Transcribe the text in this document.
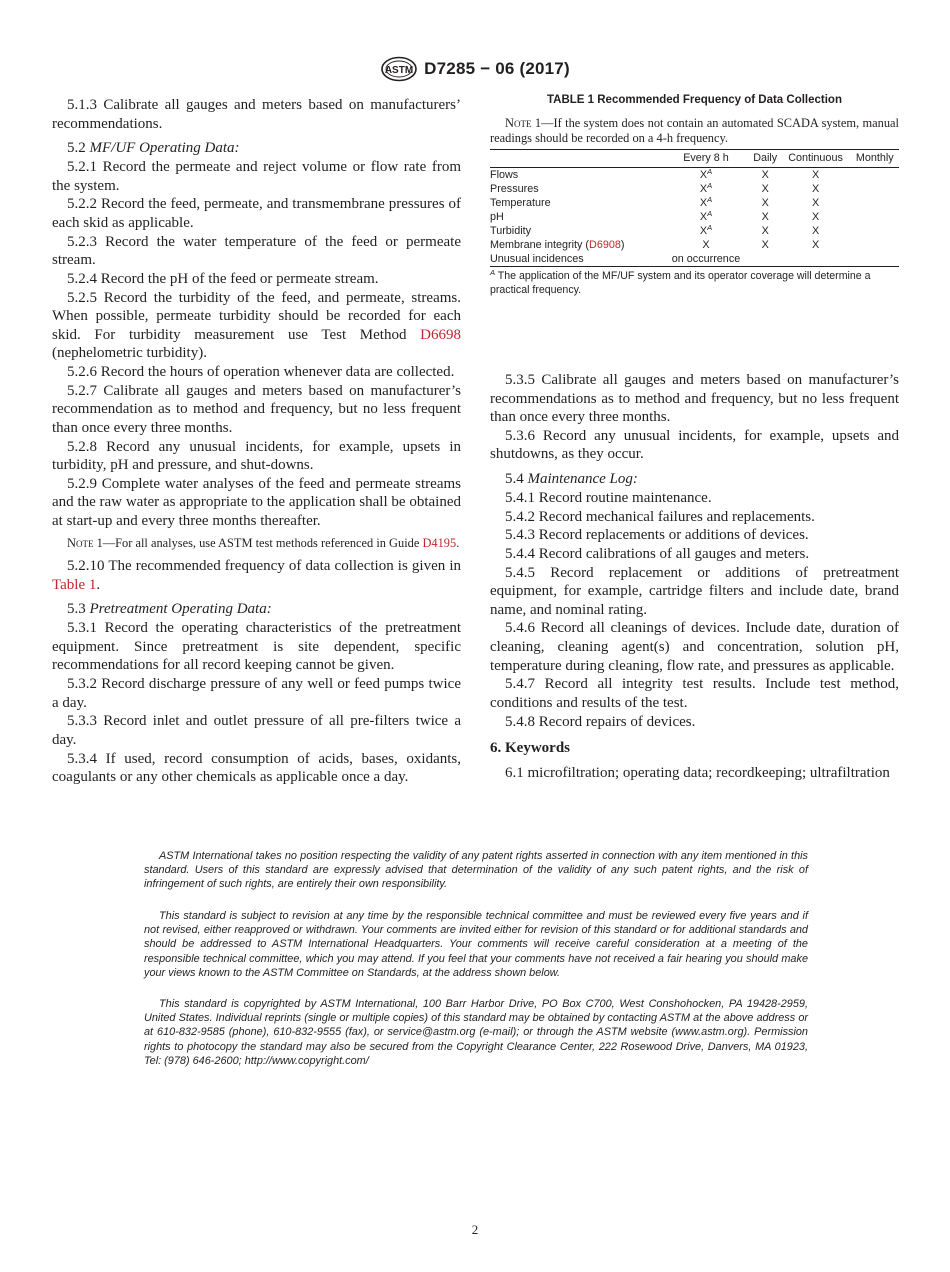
ASTM D7285 − 06 (2017)

5.1.3 Calibrate all gauges and meters based on manufacturers’ recommendations.

5.2 MF/UF Operating Data:

5.2.1 Record the permeate and reject volume or flow rate from the system.

5.2.2 Record the feed, permeate, and transmembrane pressures of each skid as applicable.

5.2.3 Record the water temperature of the feed or permeate stream.

5.2.4 Record the pH of the feed or permeate stream.

5.2.5 Record the turbidity of the feed, and permeate, streams. When possible, permeate turbidity should be recorded for each skid. For turbidity measurement use Test Method D6698 (nephelometric turbidity).

5.2.6 Record the hours of operation whenever data are collected.

5.2.7 Calibrate all gauges and meters based on manufacturer’s recommendation as to method and frequency, but no less frequent than once every three months.

5.2.8 Record any unusual incidents, for example, upsets in turbidity, pH and pressure, and shut-downs.

5.2.9 Complete water analyses of the feed and permeate streams and the raw water as appropriate to the application shall be obtained at start-up and every three months thereafter.

Note 1—For all analyses, use ASTM test methods referenced in Guide D4195.

5.2.10 The recommended frequency of data collection is given in Table 1.

5.3 Pretreatment Operating Data:

5.3.1 Record the operating characteristics of the pretreatment equipment. Since pretreatment is site dependent, specific recommendations for all record keeping cannot be given.

5.3.2 Record discharge pressure of any well or feed pumps twice a day.

5.3.3 Record inlet and outlet pressure of all pre-filters twice a day.

5.3.4 If used, record consumption of acids, bases, oxidants, coagulants or any other chemicals as applicable once a day.

TABLE 1 Recommended Frequency of Data Collection
Note 1—If the system does not contain an automated SCADA system, manual readings should be recorded on a 4-h frequency.
	Every 8 h	Daily	Continuous	Monthly
Flows	$X^A$	X	X	
Pressures	$X^A$	X	X	
Temperature	$X^A$	X	X	
pH	$X^A$	X	X	
Turbidity	$X^A$	X	X	
Membrane integrity (D6908)	X	X	X	
Unusual incidences	on occurrence			
$^A$ The application of the MF/UF system and its operator coverage will determine a practical frequency.

5.3.5 Calibrate all gauges and meters based on manufacturer’s recommendations as to method and frequency, but no less frequent than once every three months.

5.3.6 Record any unusual incidents, for example, upsets and shutdowns, as they occur.

5.4 Maintenance Log:

5.4.1 Record routine maintenance.

5.4.2 Record mechanical failures and replacements.

5.4.3 Record replacements or additions of devices.

5.4.4 Record calibrations of all gauges and meters.

5.4.5 Record replacement or additions of pretreatment equipment, for example, cartridge filters and include date, brand name, and nominal rating.

5.4.6 Record all cleanings of devices. Include date, duration of cleaning, cleaning agent(s) and concentration, solution pH, temperature during cleaning, flow rate, and pressures as applicable.

5.4.7 Record all integrity test results. Include test method, conditions and results of the test.

5.4.8 Record repairs of devices.

6. Keywords

6.1 microfiltration; operating data; recordkeeping; ultrafiltration

ASTM International takes no position respecting the validity of any patent rights asserted in connection with any item mentioned in this standard. Users of this standard are expressly advised that determination of the validity of any such patent rights, and the risk of infringement of such rights, are entirely their own responsibility.

This standard is subject to revision at any time by the responsible technical committee and must be reviewed every five years and if not revised, either reapproved or withdrawn. Your comments are invited either for revision of this standard or for additional standards and should be addressed to ASTM International Headquarters. Your comments will receive careful consideration at a meeting of the responsible technical committee, which you may attend. If you feel that your comments have not received a fair hearing you should make your views known to the ASTM Committee on Standards, at the address shown below.

This standard is copyrighted by ASTM International, 100 Barr Harbor Drive, PO Box C700, West Conshohocken, PA 19428-2959, United States. Individual reprints (single or multiple copies) of this standard may be obtained by contacting ASTM at the above address or at 610-832-9585 (phone), 610-832-9555 (fax), or service@astm.org (e-mail); or through the ASTM website (www.astm.org). Permission rights to photocopy the standard may also be secured from the Copyright Clearance Center, 222 Rosewood Drive, Danvers, MA 01923, Tel: (978) 646-2600; http://www.copyright.com/

2
